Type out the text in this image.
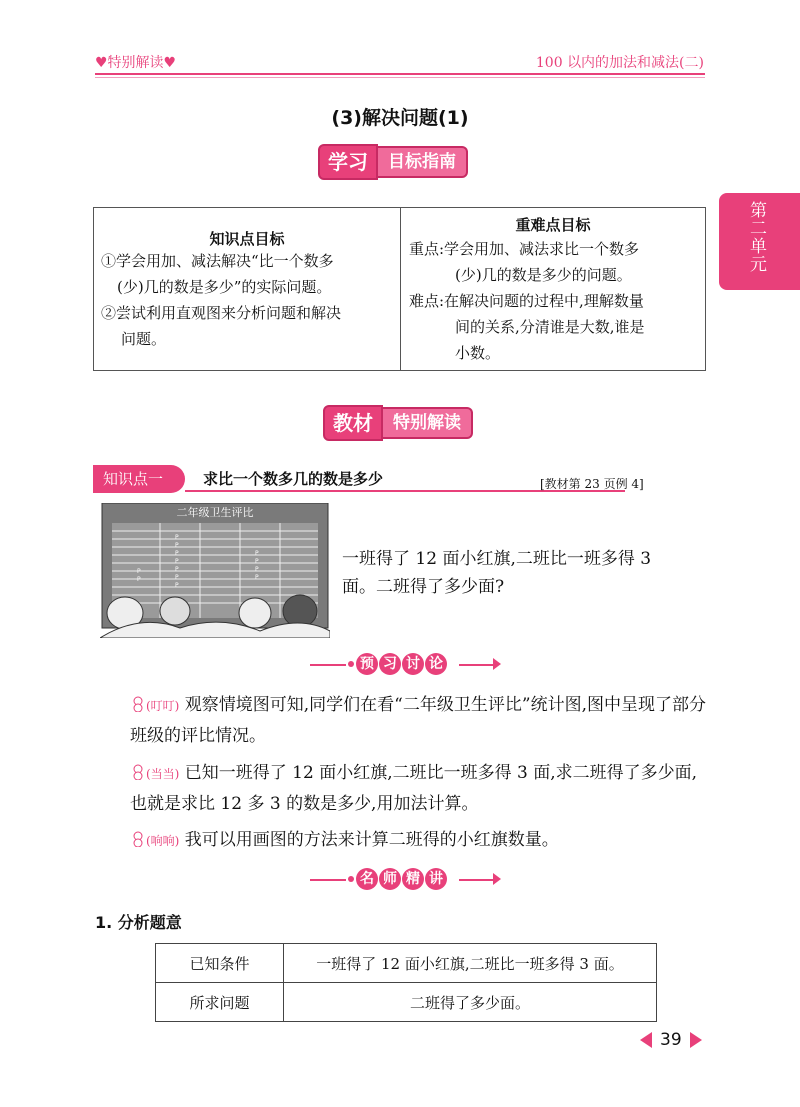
♥特别解读♥	100 以内的加法和减法(二)
(3)解决问题(1)
学习	目标指南
第二单元
知识点目标

①学会用加、减法解决“比一个数多

(少)几的数是多少”的实际问题。

②尝试利用直观图来分析问题和解决

问题。

重难点目标

重点:学会用加、减法求比一个数多

(少)几的数是多少的问题。

难点:在解决问题的过程中,理解数量

间的关系,分清谁是大数,谁是

小数。

教材	特别解读
知识点一	求比一个数多几的数是多少	[教材第 23 页例 4]
P
P
P
P
P
P
P
P
P
P
P
P
P
二年级卫生评比
一班得了 12 面小红旗,二班比一班多得 3 面。二班得了多少面?
预 习 讨 论
(叮叮) 观察情境图可知,同学们在看“二年级卫生评比”统计图,图中呈现了部分班级的评比情况。
(当当) 已知一班得了 12 面小红旗,二班比一班多得 3 面,求二班得了多少面,也就是求比 12 多 3 的数是多少,用加法计算。
(响响) 我可以用画图的方法来计算二班得的小红旗数量。
名 师 精 讲
1. 分析题意
已知条件	一班得了 12 面小红旗,二班比一班多得 3 面。
所求问题	二班得了多少面。
39
